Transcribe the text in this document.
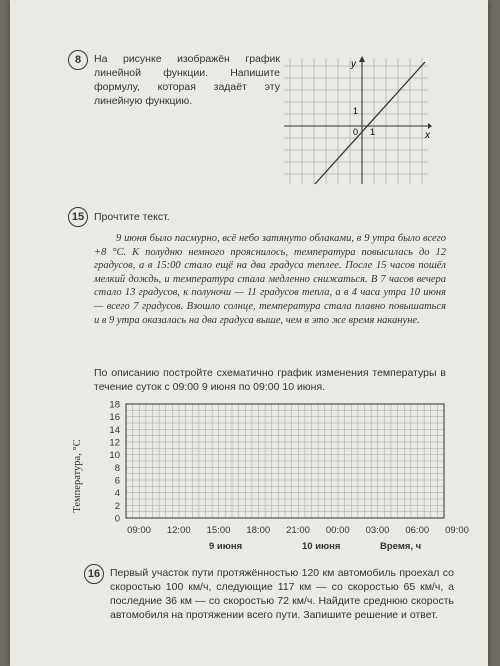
8	На рисунке изображён график линейной функции. Напишите формулу, которая задаёт эту линейную функцию.
y
x
1
0 1
15 Прочтите текст.
9 июня было пасмурно, всё небо затянуто облаками, в 9 утра было всего +8 °С. К полудню немного прояснилось, температура повысилась до 12 градусов, а в 15:00 стало ещё на два градуса теплее. После 15 часов пошёл мелкий дождь, и температура стала медленно снижаться. В 7 часов вечера стало 13 градусов, к полуночи — 11 градусов тепла, а в 4 часа утра 10 июня — всего 7 градусов. Взошло солнце, температура стала плавно повышаться и в 9 утра оказалась на два градуса выше, чем в это же время накануне.
По описанию постройте схематично график изменения температуры в течение суток с 09:00 9 июня по 09:00 10 июня.
Температура, °С
18
16
14
12
10
8
6
4
2
0
09:00 12:00 15:00 18:00 21:00 00:00 03:00 06:00 09:00
9 июня	10 июня	Время, ч
16 Первый участок пути протяжённостью 120 км автомобиль проехал со скоростью 100 км/ч, следующие 117 км — со скоростью 65 км/ч, а последние 36 км — со скоростью 72 км/ч. Найдите среднюю скорость автомобиля на протяжении всего пути. Запишите решение и ответ.
